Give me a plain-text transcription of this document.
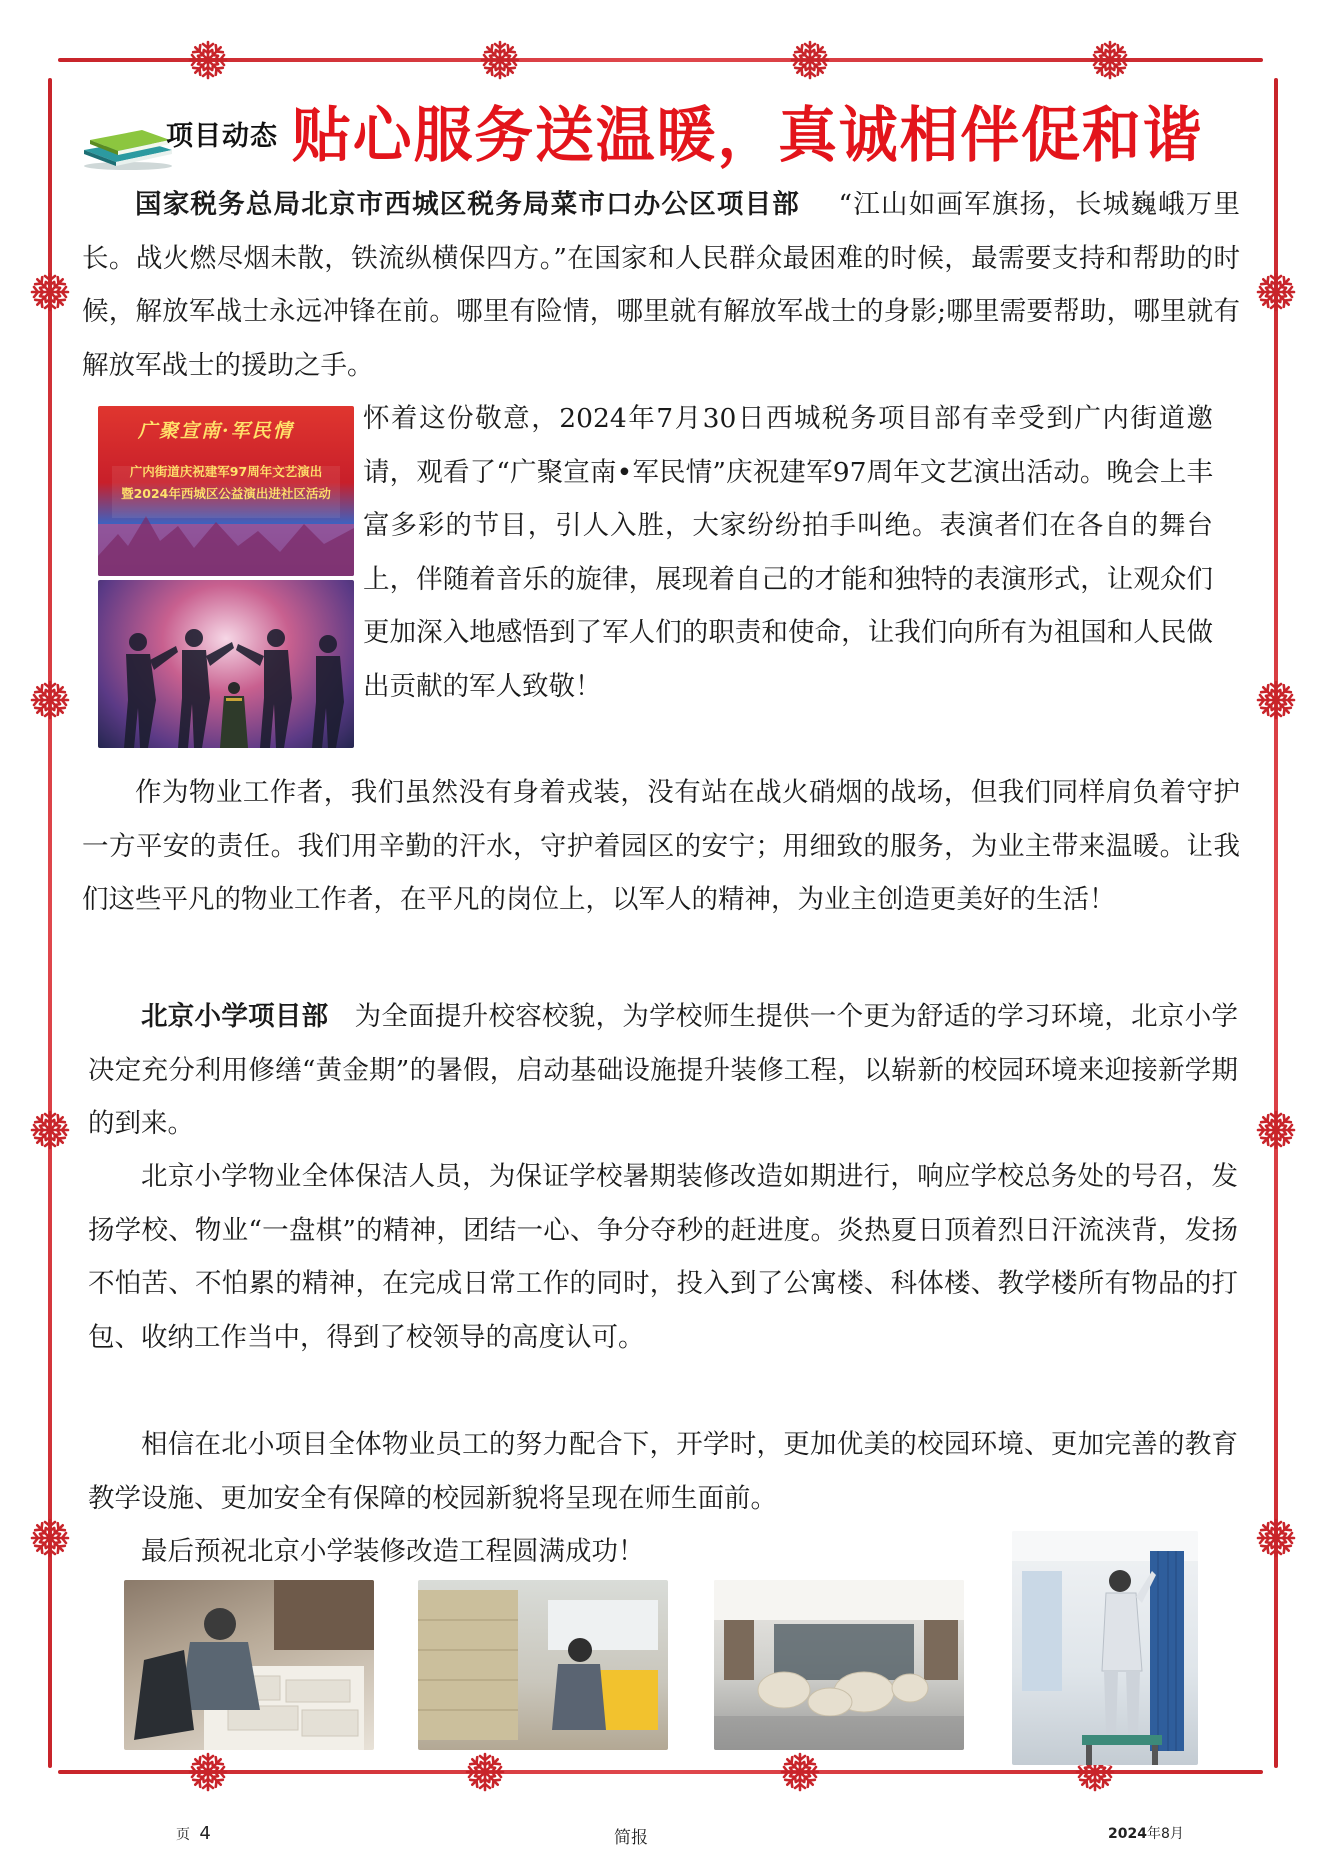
项目动态 贴心服务送温暖，真诚相伴促和谐

国家税务总局北京市西城区税务局菜市口办公区项目部 “江山如画军旗扬，长城巍峨万里长。战火燃尽烟未散，铁流纵横保四方。”在国家和人民群众最困难的时候，最需要支持和帮助的时候，解放军战士永远冲锋在前。哪里有险情，哪里就有解放军战士的身影;哪里需要帮助，哪里就有解放军战士的援助之手。

广聚宣南·军民情
广内街道庆祝建军97周年文艺演出
暨2024年西城区公益演出进社区活动

怀着这份敬意，2024年7月30日西城税务项目部有幸受到广内街道邀请，观看了“广聚宣南•军民情”庆祝建军97周年文艺演出活动。晚会上丰富多彩的节目，引人入胜，大家纷纷拍手叫绝。表演者们在各自的舞台上，伴随着音乐的旋律，展现着自己的才能和独特的表演形式，让观众们更加深入地感悟到了军人们的职责和使命，让我们向所有为祖国和人民做出贡献的军人致敬！

作为物业工作者，我们虽然没有身着戎装，没有站在战火硝烟的战场，但我们同样肩负着守护一方平安的责任。我们用辛勤的汗水，守护着园区的安宁；用细致的服务，为业主带来温暖。让我们这些平凡的物业工作者，在平凡的岗位上，以军人的精神，为业主创造更美好的生活！

北京小学项目部 为全面提升校容校貌，为学校师生提供一个更为舒适的学习环境，北京小学决定充分利用修缮“黄金期”的暑假，启动基础设施提升装修工程，以崭新的校园环境来迎接新学期的到来。

北京小学物业全体保洁人员，为保证学校暑期装修改造如期进行，响应学校总务处的号召，发扬学校、物业“一盘棋”的精神，团结一心、争分夺秒的赶进度。炎热夏日顶着烈日汗流浃背，发扬不怕苦、不怕累的精神，在完成日常工作的同时，投入到了公寓楼、科体楼、教学楼所有物品的打包、收纳工作当中，得到了校领导的高度认可。

相信在北小项目全体物业员工的努力配合下，开学时，更加优美的校园环境、更加完善的教育教学设施、更加安全有保障的校园新貌将呈现在师生面前。

最后预祝北京小学装修改造工程圆满成功！

页 4	简报	2024年8月
